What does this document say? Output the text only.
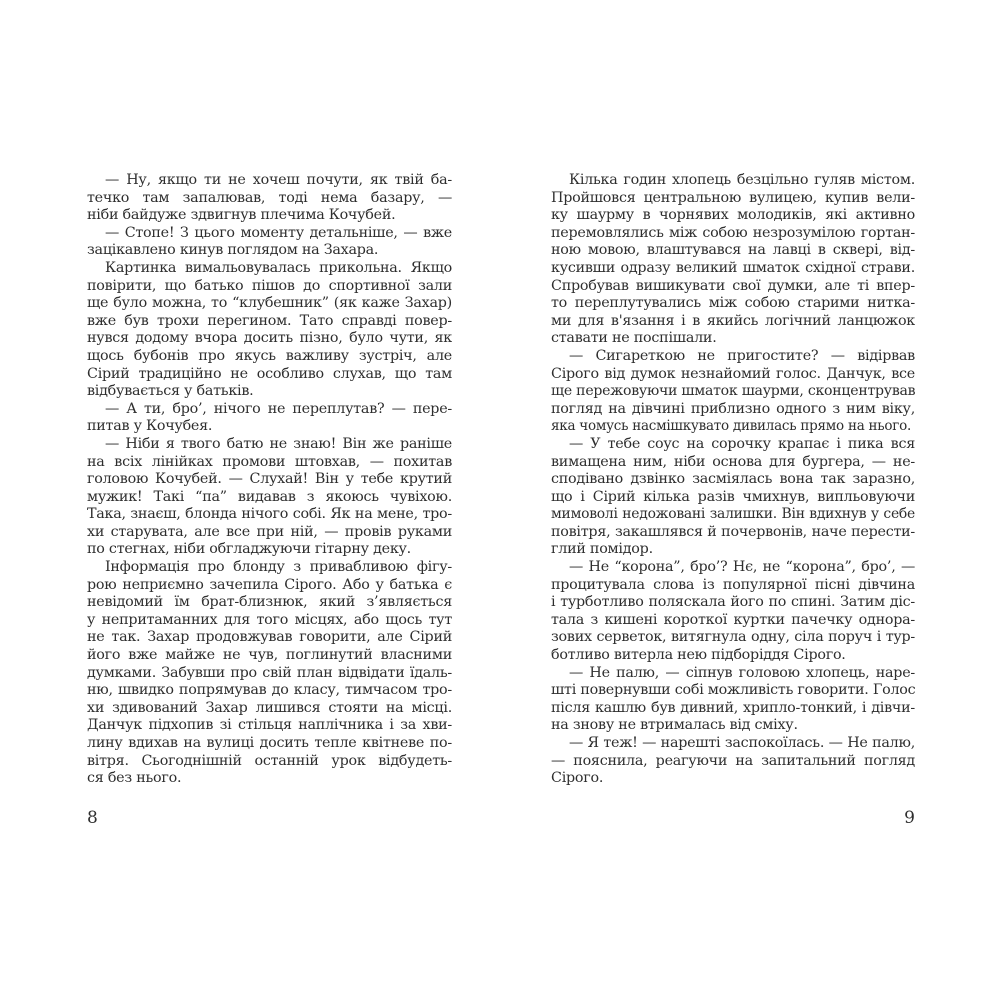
— Ну, якщо ти не хочеш почути, як твій ба-
течко там запалював, тоді нема базару, —
ніби байдуже здвигнув плечима Кочубей.
— Стопе! З цього моменту детальніше, — вже
зацікавлено кинув поглядом на Захара.
Картинка вимальовувалась прикольна. Якщо
повірити, що батько пішов до спортивної зали
ще було можна, то “клубешник” (як каже Захар)
вже був трохи перегином. Тато справді повер-
нувся додому вчора досить пізно, було чути, як
щось бубонів про якусь важливу зустріч, але
Сірий традиційно не особливо слухав, що там
відбувається у батьків.
— А ти, бро’, нічого не переплутав? — пере-
питав у Кочубея.
— Ніби я твого батю не знаю! Він же раніше
на всіх лінійках промови штовхав, — похитав
головою Кочубей. — Слухай! Він у тебе крутий
мужик! Такі “па” видавав з якоюсь чувіхою.
Така, знаєш, блонда нічого собі. Як на мене, тро-
хи старувата, але все при ній, — провів руками
по стегнах, ніби обгладжуючи гітарну деку.
Інформація про блонду з привабливою фігу-
рою неприємно зачепила Сірого. Або у батька є
невідомий їм брат-близнюк, який з’являється
у непритаманних для того місцях, або щось тут
не так. Захар продовжував говорити, але Сірий
його вже майже не чув, поглинутий власними
думками. Забувши про свій план відвідати їдаль-
ню, швидко попрямував до класу, тимчасом тро-
хи здивований Захар лишився стояти на місці.
Данчук підхопив зі стільця наплічника і за хви-
лину вдихав на вулиці досить тепле квітневе по-
вітря. Сьогоднішній останній урок відбудеть-
ся без нього.
8
Кілька годин хлопець безцільно гуляв містом.
Пройшовся центральною вулицею, купив вели-
ку шаурму в чорнявих молодиків, які активно
перемовлялись між собою незрозумілою гортан-
ною мовою, влаштувався на лавці в сквері, від-
кусивши одразу великий шматок східної страви.
Спробував вишикувати свої думки, але ті впер-
то переплутувались між собою старими нитка-
ми для в'язання і в якийсь логічний ланцюжок
ставати не поспішали.
— Сигареткою не пригостите? — відірвав
Сірого від думок незнайомий голос. Данчук, все
ще пережовуючи шматок шаурми, сконцентрував
погляд на дівчині приблизно одного з ним віку,
яка чомусь насмішкувато дивилась прямо на нього.
— У тебе соус на сорочку крапає і пика вся
вимащена ним, ніби основа для бургера, — не-
сподівано дзвінко засміялась вона так заразно,
що і Сірий кілька разів чмихнув, випльовуючи
мимоволі недожовані залишки. Він вдихнув у себе
повітря, закашлявся й почервонів, наче перести-
глий помідор.
— Не “корона”, бро’? Нє, не “корона”, бро’, —
процитувала слова із популярної пісні дівчина
і турботливо поляскала його по спині. Затим діс-
тала з кишені короткої куртки пачечку однора-
зових серветок, витягнула одну, сіла поруч і тур-
ботливо витерла нею підборіддя Сірого.
— Не палю, — сіпнув головою хлопець, наре-
шті повернувши собі можливість говорити. Голос
після кашлю був дивний, хрипло-тонкий, і дівчи-
на знову не втрималась від сміху.
— Я теж! — нарешті заспокоїлась. — Не палю,
— пояснила, реагуючи на запитальний погляд
Сірого.
9
